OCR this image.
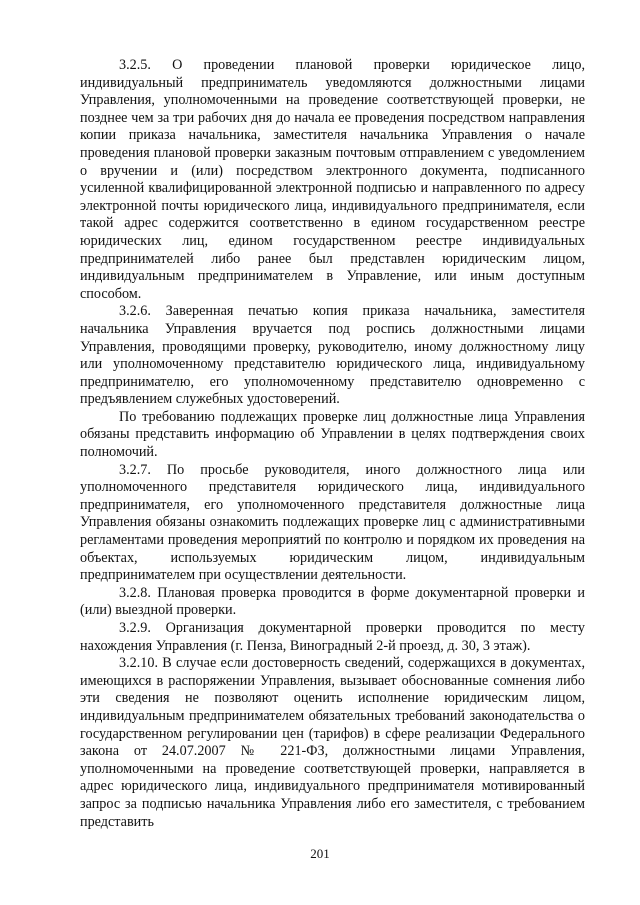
3.2.5. О проведении плановой проверки юридическое лицо, индивидуальный предприниматель уведомляются должностными лицами Управления, уполномоченными на проведение соответствующей проверки, не позднее чем за три рабочих дня до начала ее проведения посредством направления копии приказа начальника, заместителя начальника Управления о начале проведения плановой проверки заказным почтовым отправлением с уведомлением о вручении и (или) посредством электронного документа, подписанного усиленной квалифицированной электронной подписью и направленного по адресу электронной почты юридического лица, индивидуального предпринимателя, если такой адрес содержится соответственно в едином государственном реестре юридических лиц, едином государственном реестре индивидуальных предпринимателей либо ранее был представлен юридическим лицом, индивидуальным предпринимателем в Управление, или иным доступным способом.

3.2.6. Заверенная печатью копия приказа начальника, заместителя начальника Управления вручается под роспись должностными лицами Управления, проводящими проверку, руководителю, иному должностному лицу или уполномоченному представителю юридического лица, индивидуальному предпринимателю, его уполномоченному представителю одновременно с предъявлением служебных удостоверений.

По требованию подлежащих проверке лиц должностные лица Управления обязаны представить информацию об Управлении в целях подтверждения своих полномочий.

3.2.7. По просьбе руководителя, иного должностного лица или уполномоченного представителя юридического лица, индивидуального предпринимателя, его уполномоченного представителя должностные лица Управления обязаны ознакомить подлежащих проверке лиц с административными регламентами проведения мероприятий по контролю и порядком их проведения на объектах, используемых юридическим лицом, индивидуальным предпринимателем при осуществлении деятельности.

3.2.8. Плановая проверка проводится в форме документарной проверки и (или) выездной проверки.

3.2.9. Организация документарной проверки проводится по месту нахождения Управления (г. Пенза, Виноградный 2-й проезд, д. 30, 3 этаж).

3.2.10. В случае если достоверность сведений, содержащихся в документах, имеющихся в распоряжении Управления, вызывает обоснованные сомнения либо эти сведения не позволяют оценить исполнение юридическим лицом, индивидуальным предпринимателем обязательных требований законодательства о государственном регулировании цен (тарифов) в сфере реализации Федерального закона от 24.07.2007 № 221-ФЗ, должностными лицами Управления, уполномоченными на проведение соответствующей проверки, направляется в адрес юридического лица, индивидуального предпринимателя мотивированный запрос за подписью начальника Управления либо его заместителя, с требованием представить

201
